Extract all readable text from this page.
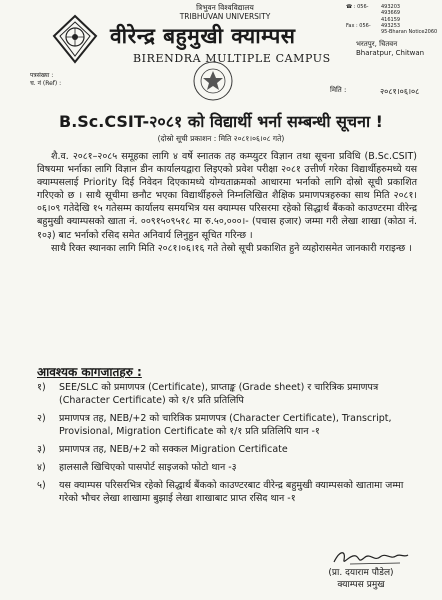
त्रिभुवन विश्वविद्यालय
TRIBHUVAN UNIVERSITY
वीरेन्द्र बहुमुखी क्याम्पस
BIRENDRA MULTIPLE CAMPUS
☎ : 056-	493203
493669
416159
Fax : 056- 493253
95-Bharan Notice2060
भरतपुर, चितवन
Bharatpur, Chitwan
पत्रसंख्या :
च. नं (Ref) :
मिति :	२०८१।०६।०८
B.Sc.CSIT-२०८१ को विद्यार्थी भर्ना सम्बन्धी सूचना !
(दोस्रो सूची प्रकाशन : मिति २०८१।०६।०८ गते)

शै.व. २०८१–२०८५ समूहका लागि ४ वर्षे स्नातक तह कम्प्युटर विज्ञान तथा सूचना प्रविधि (B.Sc.CSIT) विषयमा भर्नाका लागि विज्ञान डीन कार्यालयद्वारा लिइएको प्रवेश परीक्षा २०८१ उत्तीर्ण गरेका विद्यार्थीहरुमध्ये यस क्याम्पसलाई Priority दिई निवेदन दिएकामध्ये योग्यताक्रमको आधारमा भर्नाको लागि दोस्रो सूची प्रकाशित गरिएको छ । साथै सूचीमा छनौट भएका विद्यार्थीहरुले निम्नलिखित शैक्षिक प्रमाणपत्रहरुका साथ मिति २०८१।०६।०९ गतेदेखि १५ गतेसम्म कार्यालय समयभित्र यस क्याम्पस परिसरमा रहेको सिद्धार्थ बैंकको काउण्टरमा वीरेन्द्र बहुमुखी क्याम्पसको खाता नं. ००९१५०९५१८ मा रु.५०,०००।- (पचास हजार) जम्मा गरी लेखा शाखा (कोठा नं. १०३) बाट भर्नाको रसिद समेत अनिवार्य लिनुहुन सूचित गरिन्छ ।

साथै रिक्त स्थानका लागि मिति २०८१।०६।१६ गते तेस्रो सूची प्रकाशित हुने व्यहोरासमेत जानकारी गराइन्छ ।

आवश्यक कागजातहरु :
१)	SEE/SLC को प्रमाणपत्र (Certificate), प्राप्ताङ्क (Grade sheet) र चारित्रिक प्रमाणपत्र (Character Certificate) को १/१ प्रति प्रतिलिपि
२)	प्रमाणपत्र तह, NEB/+2 को चारित्रिक प्रमाणपत्र (Character Certificate), Transcript, Provisional, Migration Certificate को १/१ प्रति प्रतिलिपि थान -१
३)	प्रमाणपत्र तह, NEB/+2 को सक्कल Migration Certificate
४)	हालसालै खिचिएको पासपोर्ट साइजको फोटो थान -३
५)	यस क्याम्पस परिसरभित्र रहेको सिद्धार्थ बैंकको काउण्टरबाट वीरेन्द्र बहुमुखी क्याम्पसको खातामा जम्मा गरेको भौचर लेखा शाखामा बुझाई लेखा शाखाबाट प्राप्त रसिद थान -१
(प्रा. दयाराम पौडेल)
क्याम्पस प्रमुख
